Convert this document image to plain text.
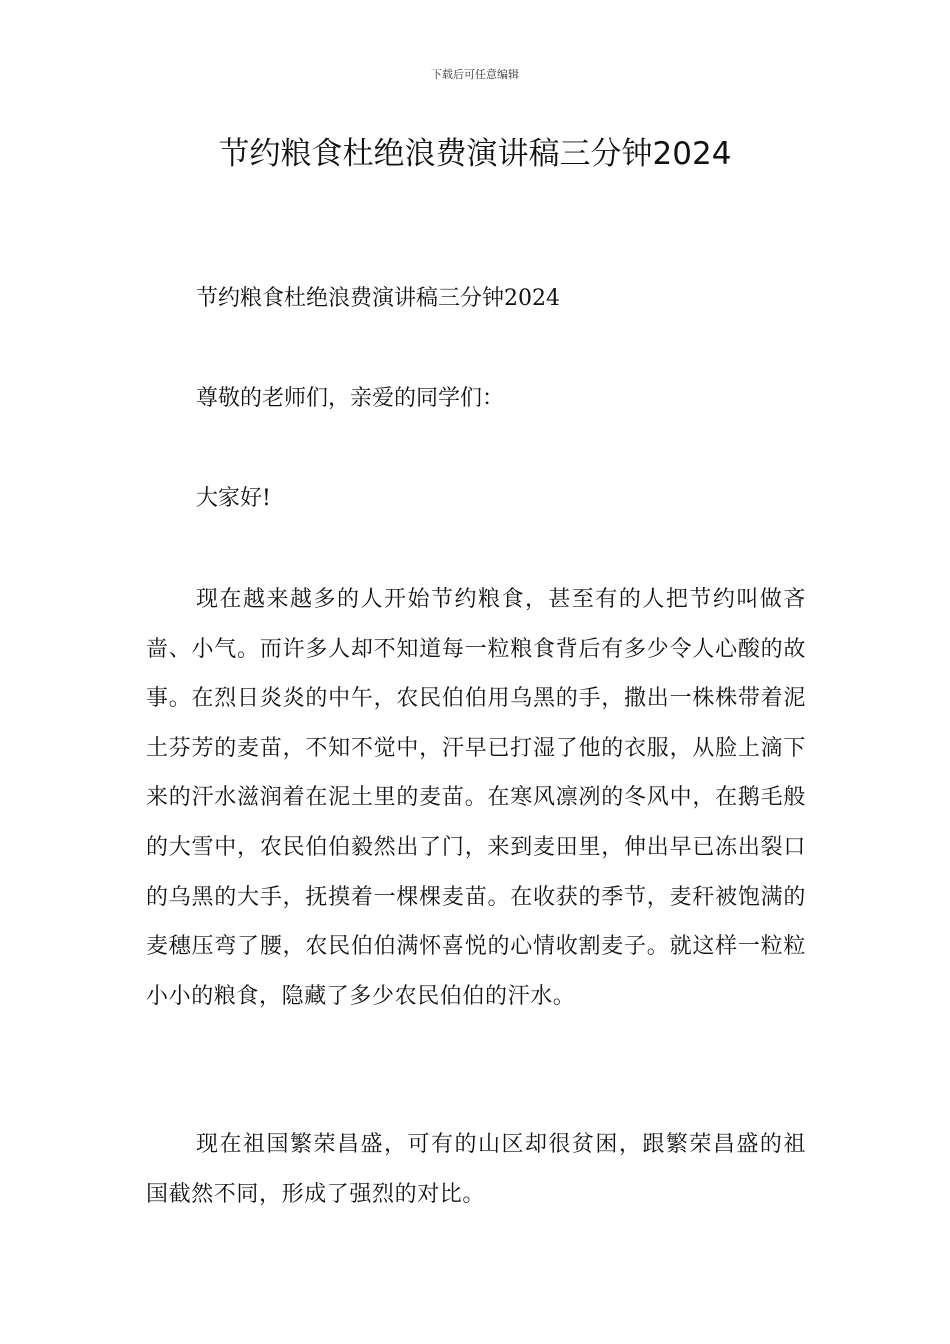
下载后可任意编辑
节约粮食杜绝浪费演讲稿三分钟2024
节约粮食杜绝浪费演讲稿三分钟2024
尊敬的老师们，亲爱的同学们：
大家好!

现在越来越多的人开始节约粮食，甚至有的人把节约叫做吝啬、小气。而许多人却不知道每一粒粮食背后有多少令人心酸的故事。在烈日炎炎的中午，农民伯伯用乌黑的手，撒出一株株带着泥土芬芳的麦苗，不知不觉中，汗早已打湿了他的衣服，从脸上滴下来的汗水滋润着在泥土里的麦苗。在寒风凛冽的冬风中，在鹅毛般的大雪中，农民伯伯毅然出了门，来到麦田里，伸出早已冻出裂口的乌黑的大手，抚摸着一棵棵麦苗。在收获的季节，麦秆被饱满的麦穗压弯了腰，农民伯伯满怀喜悦的心情收割麦子。就这样一粒粒小小的粮食，隐藏了多少农民伯伯的汗水。

现在祖国繁荣昌盛，可有的山区却很贫困，跟繁荣昌盛的祖国截然不同，形成了强烈的对比。
